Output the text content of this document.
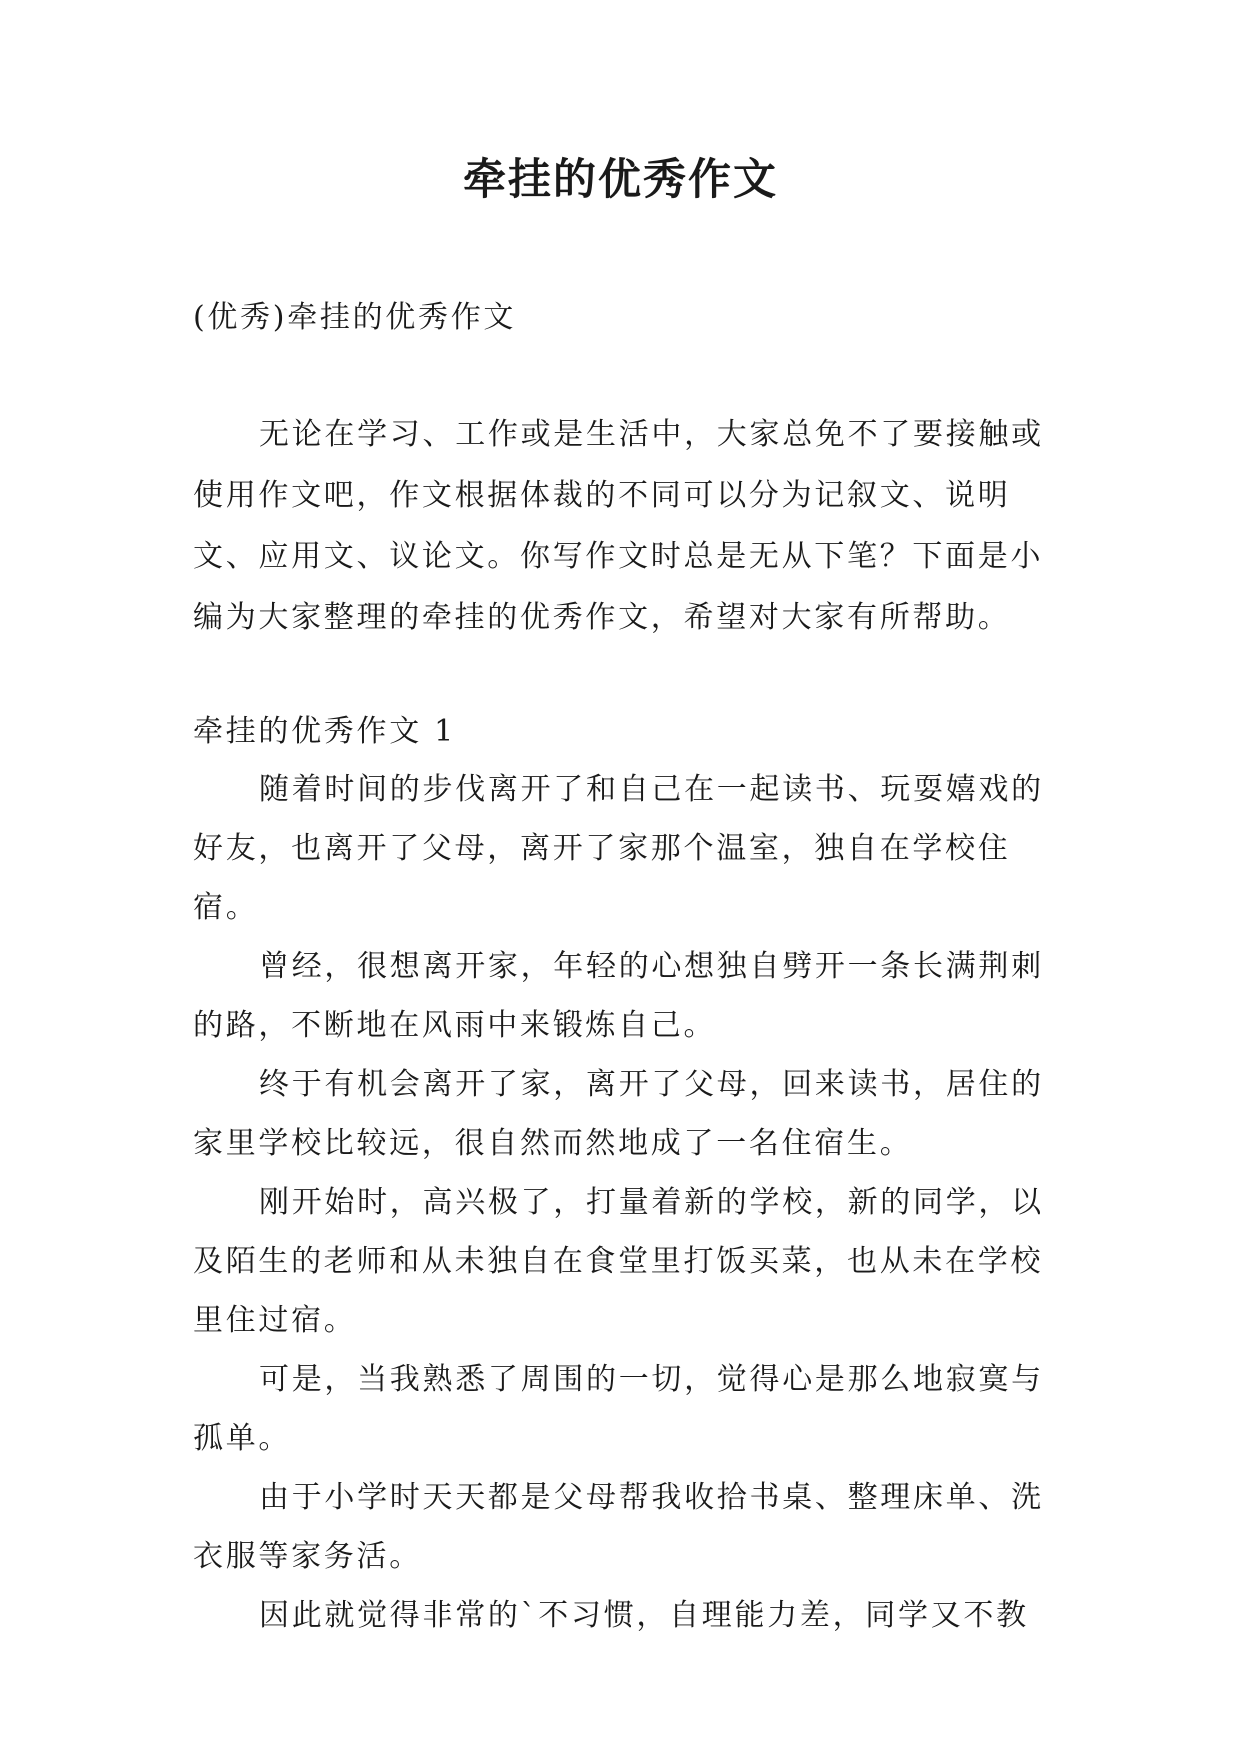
牵挂的优秀作文
(优秀)牵挂的优秀作文
无论在学习、工作或是生活中，大家总免不了要接触或使用作文吧，作文根据体裁的不同可以分为记叙文、说明文、应用文、议论文。你写作文时总是无从下笔？下面是小编为大家整理的牵挂的优秀作文，希望对大家有所帮助。
牵挂的优秀作文 1
随着时间的步伐离开了和自己在一起读书、玩耍嬉戏的好友，也离开了父母，离开了家那个温室，独自在学校住宿。
曾经，很想离开家，年轻的心想独自劈开一条长满荆刺的路，不断地在风雨中来锻炼自己。
终于有机会离开了家，离开了父母，回来读书，居住的家里学校比较远，很自然而然地成了一名住宿生。
刚开始时，高兴极了，打量着新的学校，新的同学，以及陌生的老师和从未独自在食堂里打饭买菜，也从未在学校里住过宿。
可是，当我熟悉了周围的一切，觉得心是那么地寂寞与孤单。
由于小学时天天都是父母帮我收拾书桌、整理床单、洗衣服等家务活。
因此就觉得非常的`不习惯，自理能力差，同学又不教
